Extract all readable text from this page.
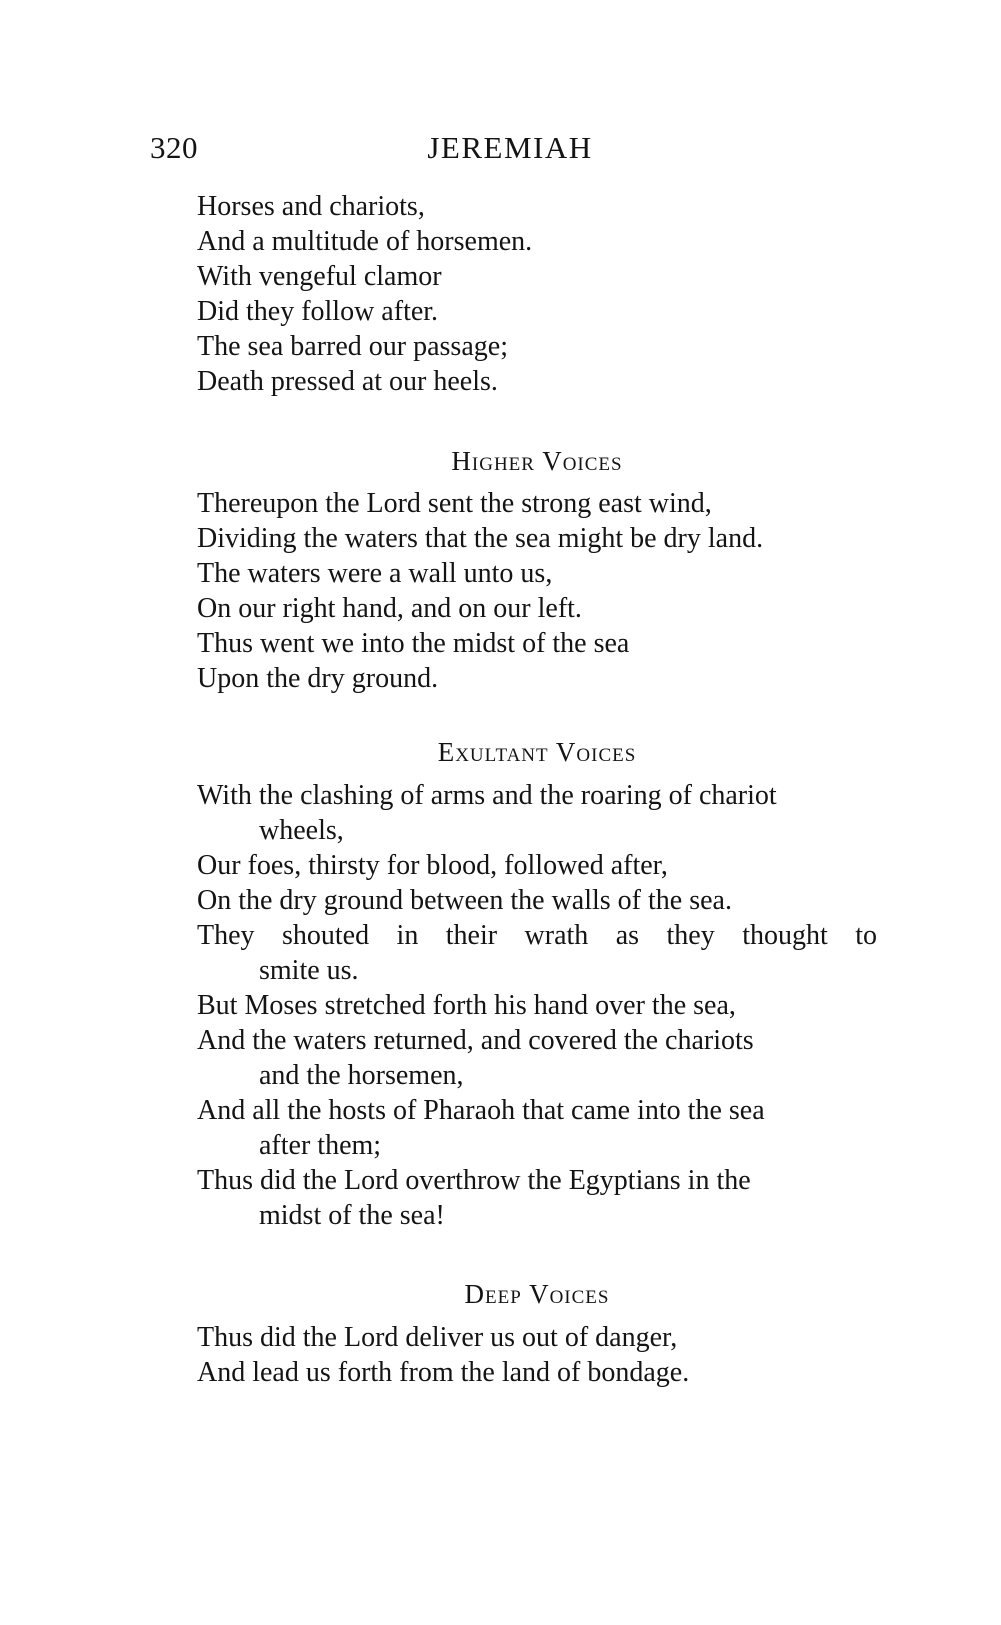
320	JEREMIAH
Horses and chariots,
And a multitude of horsemen.
With vengeful clamor
Did they follow after.
The sea barred our passage;
Death pressed at our heels.
Higher Voices
Thereupon the Lord sent the strong east wind,
Dividing the waters that the sea might be dry land.
The waters were a wall unto us,
On our right hand, and on our left.
Thus went we into the midst of the sea
Upon the dry ground.
Exultant Voices
With the clashing of arms and the roaring of chariot
wheels,
Our foes, thirsty for blood, followed after,
On the dry ground between the walls of the sea.
They shouted in their wrath as they thought to
smite us.
But Moses stretched forth his hand over the sea,
And the waters returned, and covered the chariots
and the horsemen,
And all the hosts of Pharaoh that came into the sea
after them;
Thus did the Lord overthrow the Egyptians in the
midst of the sea!
Deep Voices
Thus did the Lord deliver us out of danger,
And lead us forth from the land of bondage.
